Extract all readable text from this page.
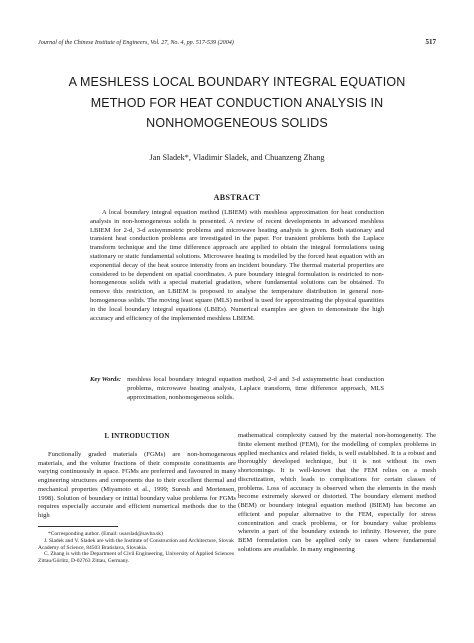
Journal of the Chinese Institute of Engineers, Vol. 27, No. 4, pp. 517-539 (2004)	517
A MESHLESS LOCAL BOUNDARY INTEGRAL EQUATION
METHOD FOR HEAT CONDUCTION ANALYSIS IN
NONHOMOGENEOUS SOLIDS
Jan Sladek*, Vladimir Sladek, and Chuanzeng Zhang
ABSTRACT

A local boundary integral equation method (LBIEM) with meshless approximation for heat conduction analysis in non-homogeneous solids is presented. A review of recent developments in advanced meshless LBIEM for 2-d, 3-d axisymmetric problems and microwave heating analysis is given. Both stationary and transient heat conduction problems are investigated in the paper. For transient problems both the Laplace transform technique and the time difference approach are applied to obtain the integral formulations using stationary or static fundamental solutions. Microwave heating is modelled by the forced heat equation with an exponential decay of the heat source intensity from an incident boundary. The thermal material properties are considered to be dependent on spatial coordinates. A pure boundary integral formulation is restricted to non-homogeneous solids with a special material gradation, where fundamental solutions can be obtained. To remove this restriction, an LBIEM is proposed to analyse the temperature distribution in general non-homogeneous solids. The moving least square (MLS) method is used for approximating the physical quantities in the local boundary integral equations (LBIEs). Numerical examples are given to demonstrate the high accuracy and efficiency of the implemented meshless LBIEM.

Key Words: meshless local boundary integral equation method, 2-d and 3-d axisymmetric heat conduction problems, microwave heating analysis, Laplace transform, time difference approach, MLS approximation, nonhomogeneous solids.
I. INTRODUCTION

Functionally graded materials (FGMs) are non-homogeneous materials, and the volume fractions of their composite constituents are varying continuously in space. FGMs are preferred and favoured in many engineering structures and components due to their excellent thermal and mechanical properties (Miyamoto et al., 1999; Suresh and Mortensen, 1998). Solution of boundary or initial boundary value problems for FGMs requires especially accurate and efficient numerical methods due to the high

*Corresponding author. (Email: usarslad@savba.sk)
J. Sladek and V. Sladek are with the Institute of Construction and Architecture, Slovak Academy of Science, 84503 Bratislava, Slovakia.
C. Zhang is with the Department of Civil Engineering, University of Applied Sciences Zittau/Görlitz, D-02763 Zittau, Germany.

mathematical complexity caused by the material non-homogeneity. The finite element method (FEM), for the modelling of complex problems in applied mechanics and related fields, is well established. It is a robust and thoroughly developed technique, but it is not without its own shortcomings. It is well-known that the FEM relies on a mesh discretization, which leads to complications for certain classes of problems. Loss of accuracy is observed when the elements in the mesh become extremely skewed or distorted. The boundary element method (BEM) or boundary integral equation method (BIEM) has become an efficient and popular alternative to the FEM, especially for stress concentration and crack problems, or for boundary value problems wherein a part of the boundary extends to infinity. However, the pure BEM formulation can be applied only to cases where fundamental solutions are available. In many engineering
